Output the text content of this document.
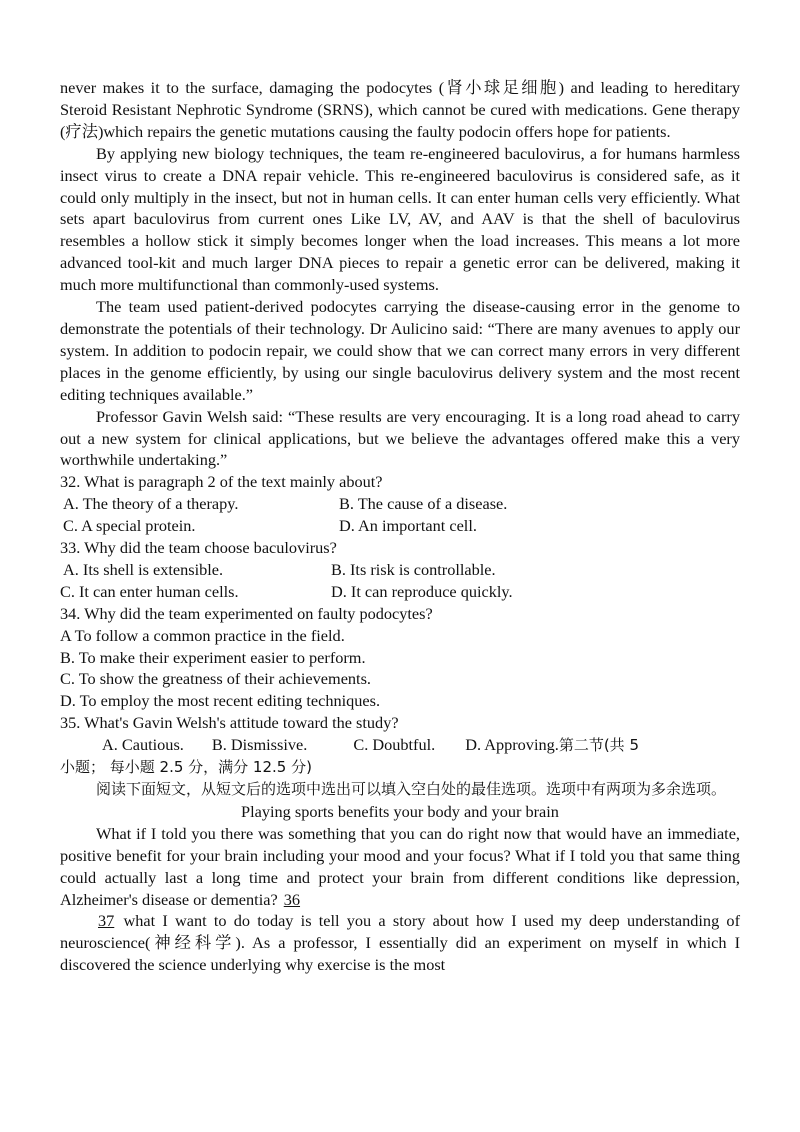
never makes it to the surface, damaging the podocytes (肾小球足细胞) and leading to hereditary Steroid Resistant Nephrotic Syndrome (SRNS), which cannot be cured with medications. Gene therapy (疗法)which repairs the genetic mutations causing the faulty podocin offers hope for patients.

By applying new biology techniques, the team re-engineered baculovirus, a for humans harmless insect virus to create a DNA repair vehicle. This re-engineered baculovirus is considered safe, as it could only multiply in the insect, but not in human cells. It can enter human cells very efficiently. What sets apart baculovirus from current ones Like LV, AV, and AAV is that the shell of baculovirus resembles a hollow stick it simply becomes longer when the load increases. This means a lot more advanced tool-kit and much larger DNA pieces to repair a genetic error can be delivered, making it much more multifunctional than commonly-used systems.

The team used patient-derived podocytes carrying the disease-causing error in the genome to demonstrate the potentials of their technology. Dr Aulicino said: “There are many avenues to apply our system. In addition to podocin repair, we could show that we can correct many errors in very different places in the genome efficiently, by using our single baculovirus delivery system and the most recent editing techniques available.”

Professor Gavin Welsh said: “These results are very encouraging. It is a long road ahead to carry out a new system for clinical applications, but we believe the advantages offered make this a very worthwhile undertaking.”

32. What is paragraph 2 of the text mainly about?

A. The theory of a therapy.	B. The cause of a disease.
C. A special protein.	D. An important cell.

33. Why did the team choose baculovirus?

A. Its shell is extensible.	B. Its risk is controllable.
C. It can enter human cells.	D. It can reproduce quickly.

34. Why did the team experimented on faulty podocytes?

A To follow a common practice in the field.

B. To make their experiment easier to perform.

C. To show the greatness of their achievements.

D. To employ the most recent editing techniques.

35. What's Gavin Welsh's attitude toward the study?

A. Cautious. B. Dismissive.	C. Doubtful. D. Approving.第二节(共 5

小题； 每小题 2.5 分，满分 12.5 分)

阅读下面短文，从短文后的选项中选出可以填入空白处的最佳选项。选项中有两项为多余选项。

Playing sports benefits your body and your brain

What if I told you there was something that you can do right now that would have an immediate, positive benefit for your brain including your mood and your focus? What if I told you that same thing could actually last a long time and protect your brain from different conditions like depression, Alzheimer's disease or dementia? 36

37 what I want to do today is tell you a story about how I used my deep understanding of neuroscience(神经科学). As a professor, I essentially did an experiment on myself in which I discovered the science underlying why exercise is the most
